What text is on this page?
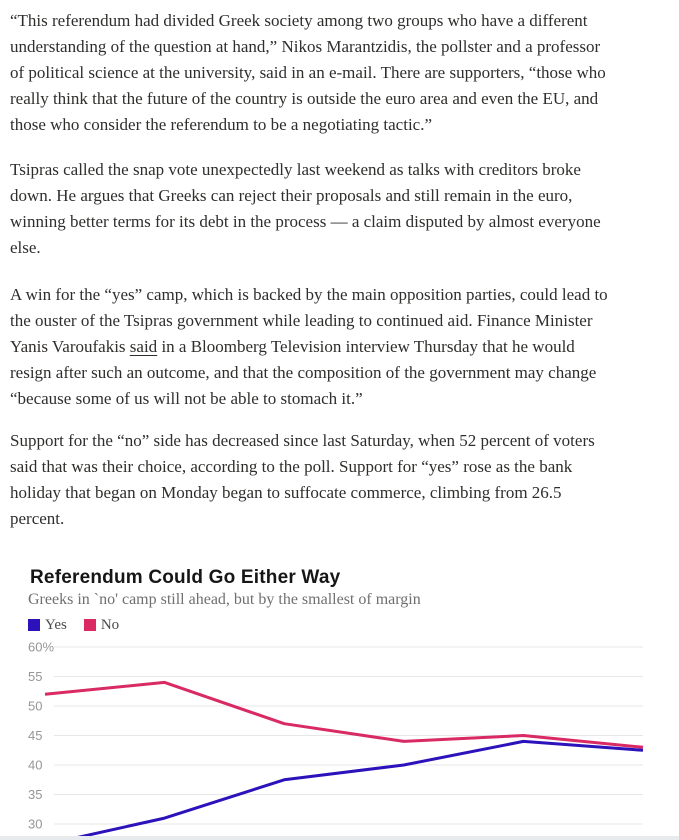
“This referendum had divided Greek society among two groups who have a different
understanding of the question at hand,” Nikos Marantzidis, the pollster and a professor
of political science at the university, said in an e-mail. There are supporters, “those who
really think that the future of the country is outside the euro area and even the EU, and
those who consider the referendum to be a negotiating tactic.”
Tsipras called the snap vote unexpectedly last weekend as talks with creditors broke
down. He argues that Greeks can reject their proposals and still remain in the euro,
winning better terms for its debt in the process — a claim disputed by almost everyone
else.
A win for the “yes” camp, which is backed by the main opposition parties, could lead to
the ouster of the Tsipras government while leading to continued aid. Finance Minister
Yanis Varoufakis said in a Bloomberg Television interview Thursday that he would
resign after such an outcome, and that the composition of the government may change
“because some of us will not be able to stomach it.”
Support for the “no” side has decreased since last Saturday, when 52 percent of voters
said that was their choice, according to the poll. Support for “yes” rose as the bank
holiday that began on Monday began to suffocate commerce, climbing from 26.5
percent.
Referendum Could Go Either Way
Greeks in `no' camp still ahead, but by the smallest of margin
Yes No
60%
55
50
45
40
35
30
